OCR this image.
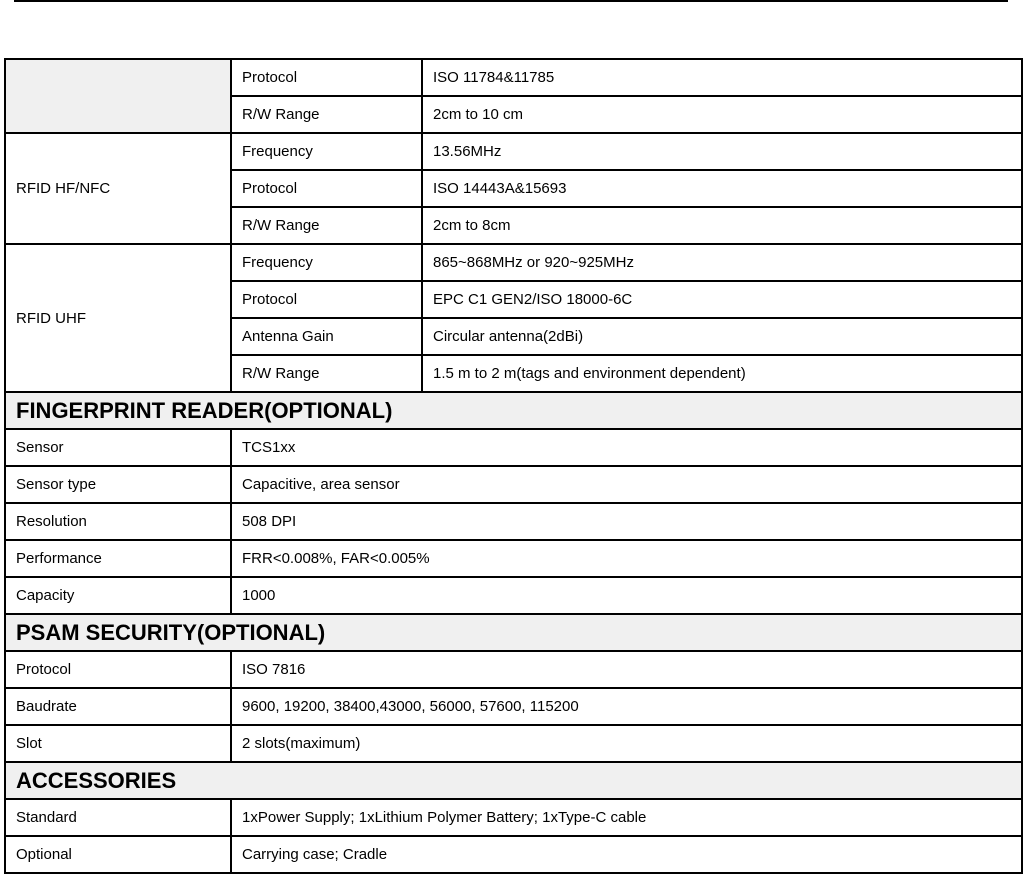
	Protocol	ISO 11784&11785
	R/W Range	2cm to 10 cm
RFID HF/NFC	Frequency	13.56MHz
	Protocol	ISO 14443A&15693
	R/W Range	2cm to 8cm
RFID UHF	Frequency	865~868MHz or 920~925MHz
	Protocol	EPC C1 GEN2/ISO 18000-6C
	Antenna Gain	Circular antenna(2dBi)
	R/W Range	1.5 m to 2 m(tags and environment dependent)
FINGERPRINT READER(OPTIONAL)		
Sensor	TCS1xx	
Sensor type	Capacitive, area sensor	
Resolution	508 DPI	
Performance	FRR<0.008%, FAR<0.005%	
Capacity	1000	
PSAM SECURITY(OPTIONAL)		
Protocol	ISO 7816	
Baudrate	9600, 19200, 38400,43000, 56000, 57600, 115200	
Slot	2 slots(maximum)	
ACCESSORIES		
Standard	1xPower Supply; 1xLithium Polymer Battery; 1xType-C cable	
Optional	Carrying case; Cradle	
